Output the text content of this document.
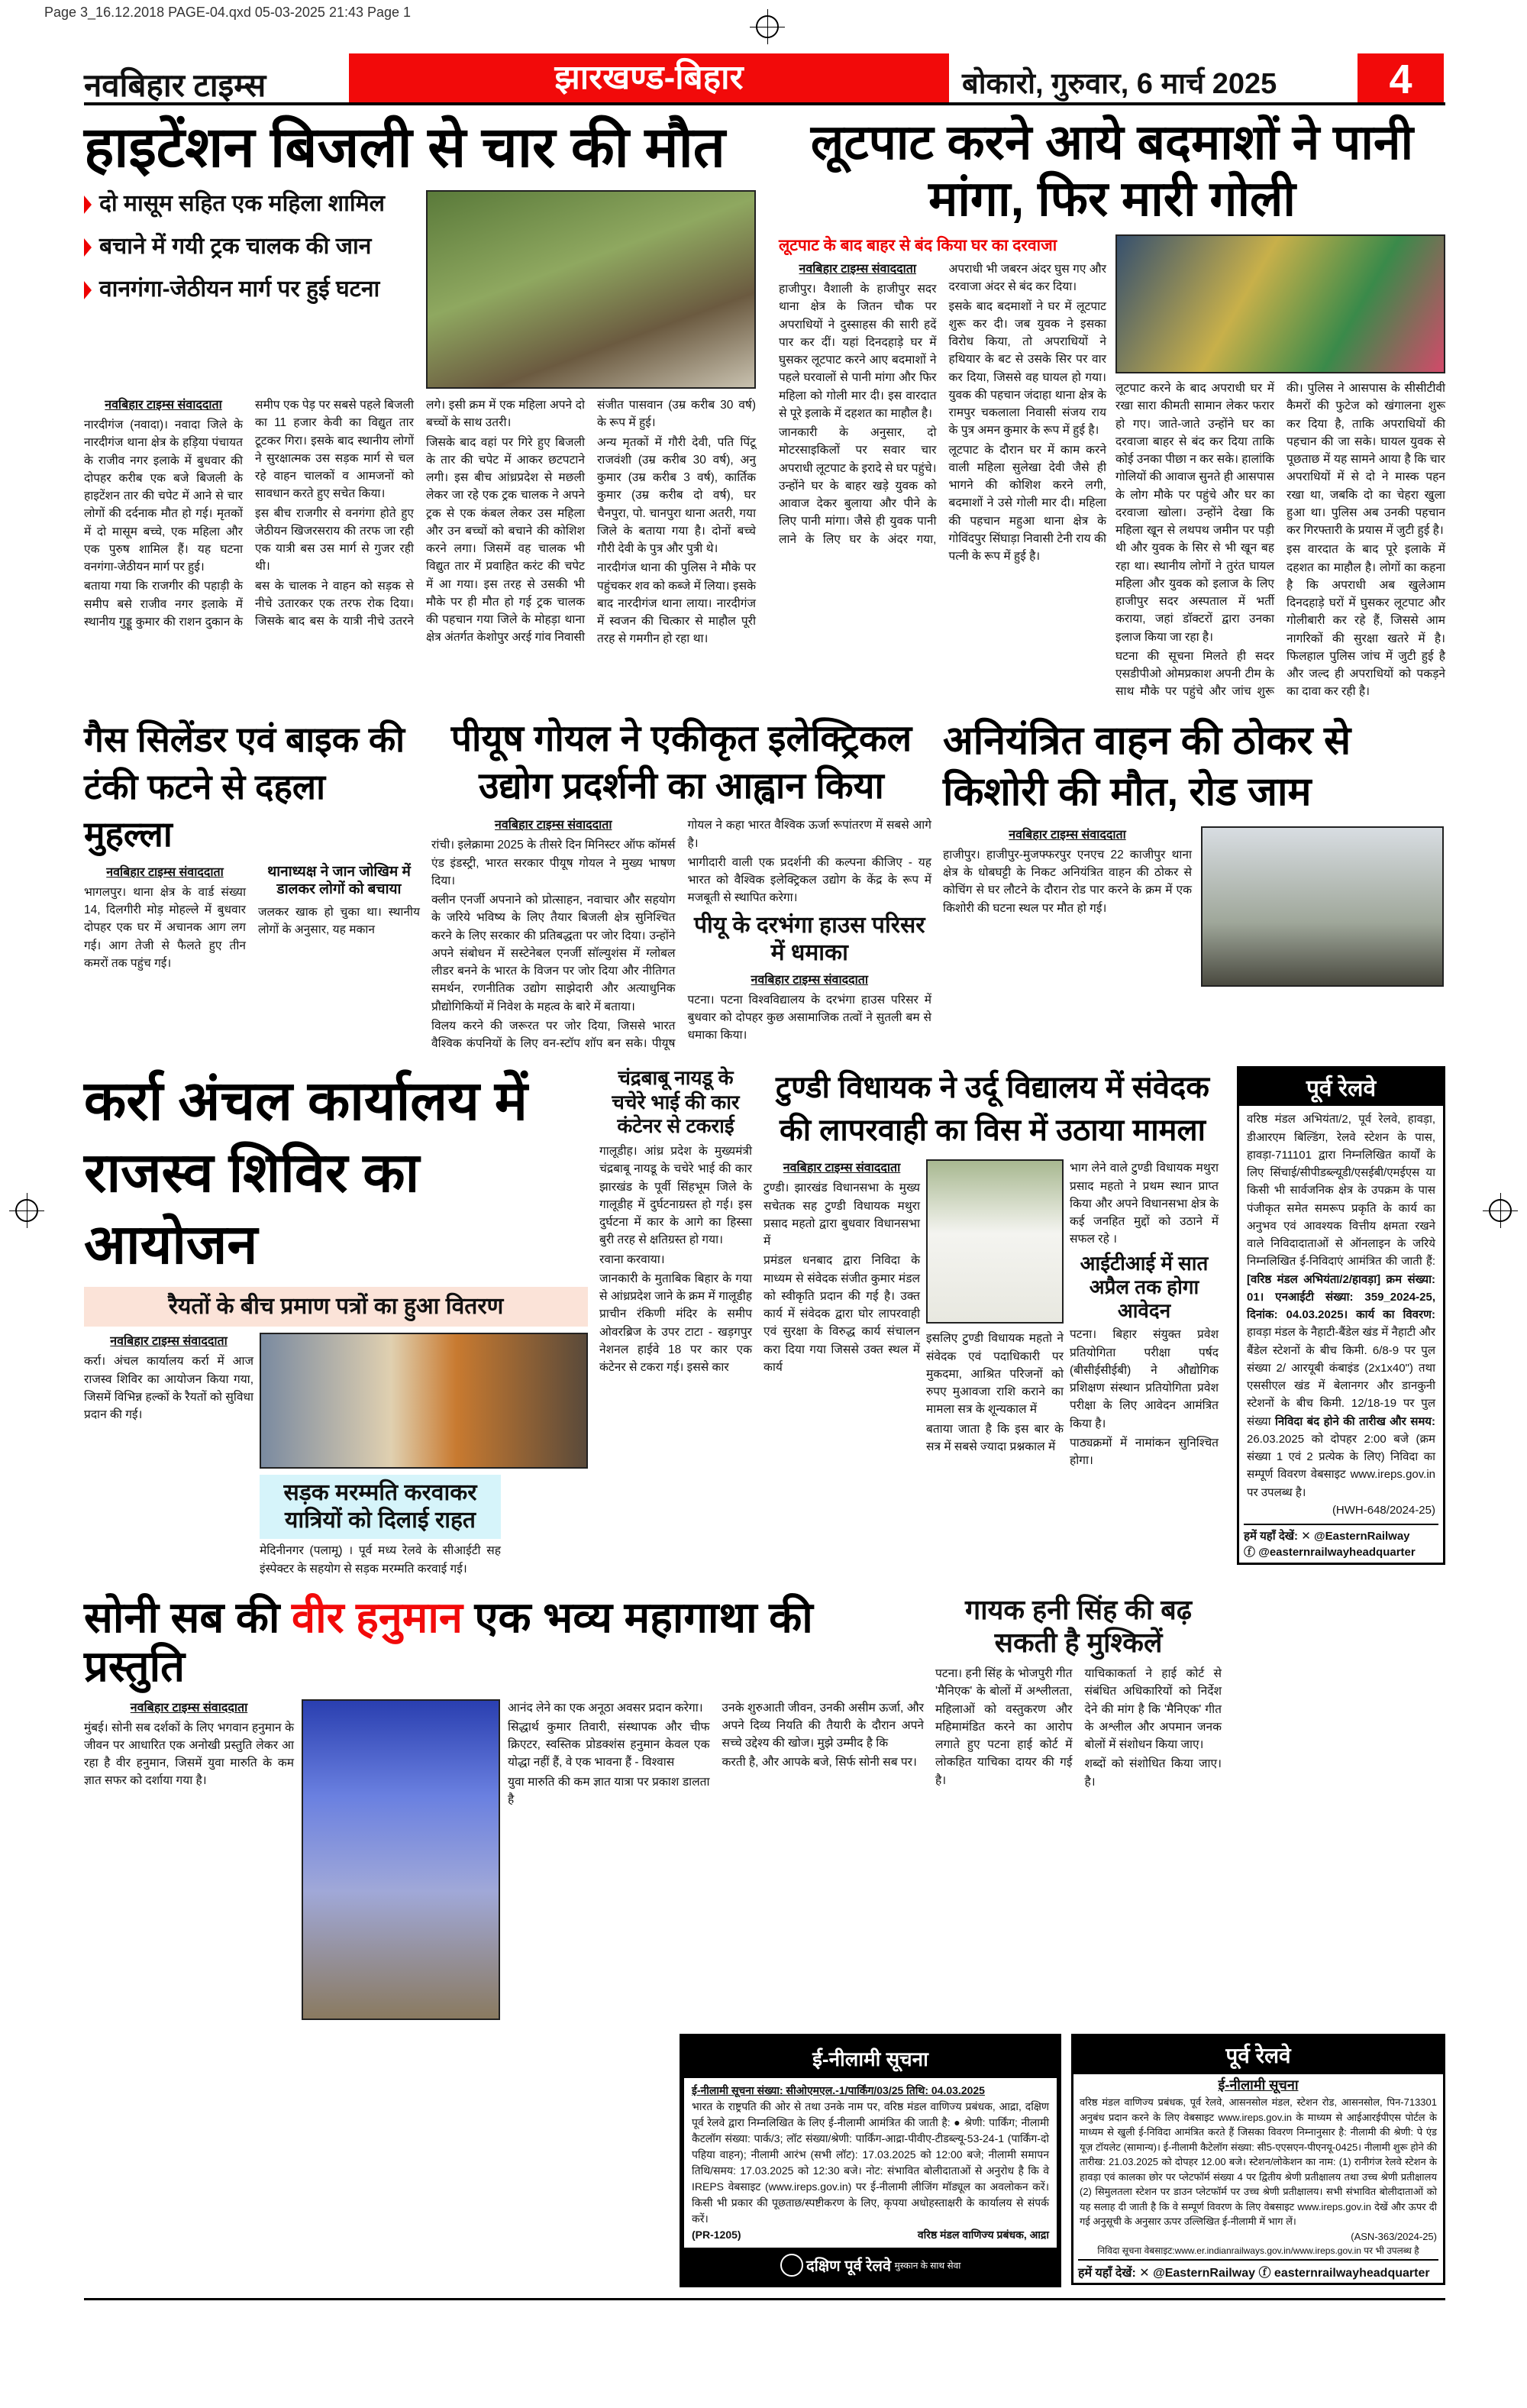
Page 3_16.12.2018 PAGE-04.qxd 05-03-2025 21:43 Page 1
नवबिहार टाइम्स	झारखण्ड-बिहार	बोकारो, गुरुवार, 6 मार्च 2025	4
हाइटेंशन बिजली से चार की मौत
दो मासूम सहित एक महिला शामिल
बचाने में गयी ट्रक चालक की जान
वानगंगा-जेठीयन मार्ग पर हुई घटना
नवबिहार टाइम्स संवाददाता

नारदीगंज (नवादा)। नवादा जिले के नारदीगंज थाना क्षेत्र के हड़िया पंचायत के राजीव नगर इलाके में बुधवार की दोपहर करीब एक बजे बिजली के हाइटेंशन तार की चपेट में आने से चार लोगों की दर्दनाक मौत हो गई। मृतकों में दो मासूम बच्चे, एक महिला और एक पुरुष शामिल हैं। यह घटना वनगंगा-जेठीयन मार्ग पर हुई।

बताया गया कि राजगीर की पहाड़ी के समीप बसे राजीव नगर इलाके में स्थानीय गुड्डू कुमार की राशन दुकान के समीप एक पेड़ पर सबसे पहले बिजली का 11 हजार केवी का विद्युत तार टूटकर गिरा। इसके बाद स्थानीय लोगों ने सुरक्षात्मक उस सड़क मार्ग से चल रहे वाहन चालकों व आमजनों को सावधान करते हुए सचेत किया।

इस बीच राजगीर से वनगंगा होते हुए जेठीयन खिजरसराय की तरफ जा रही एक यात्री बस उस मार्ग से गुजर रही थी।

बस के चालक ने वाहन को सड़क से नीचे उतारकर एक तरफ रोक दिया। जिसके बाद बस के यात्री नीचे उतरने लगे। इसी क्रम में एक महिला अपने दो बच्चों के साथ उतरी।

जिसके बाद वहां पर गिरे हुए बिजली के तार की चपेट में आकर छटपटाने लगी। इस बीच आंध्रप्रदेश से मछली लेकर जा रहे एक ट्रक चालक ने अपने ट्रक से एक कंबल लेकर उस महिला और उन बच्चों को बचाने की कोशिश करने लगा। जिसमें वह चालक भी विद्युत तार में प्रवाहित करंट की चपेट में आ गया। इस तरह से उसकी भी मौके पर ही मौत हो गई ट्रक चालक की पहचान गया जिले के मोहड़ा थाना क्षेत्र अंतर्गत केशोपुर अरई गांव निवासी संजीत पासवान (उम्र करीब 30 वर्ष) के रूप में हुई।

अन्य मृतकों में गौरी देवी, पति पिंटू राजवंशी (उम्र करीब 30 वर्ष), अनु कुमार (उम्र करीब 3 वर्ष), कार्तिक कुमार (उम्र करीब दो वर्ष), घर चैनपुरा, पो. चानपुरा थाना अतरी, गया जिले के बताया गया है। दोनों बच्चे गौरी देवी के पुत्र और पुत्री थे।

नारदीगंज थाना की पुलिस ने मौके पर पहुंचकर शव को कब्जे में लिया। इसके बाद नारदीगंज थाना लाया। नारदीगंज में स्वजन की चित्कार से माहौल पूरी तरह से गमगीन हो रहा था।

लूटपाट करने आये बदमाशों ने पानी मांगा, फिर मारी गोली
लूटपाट के बाद बाहर से बंद किया घर का दरवाजा
नवबिहार टाइम्स संवाददाता

हाजीपुर। वैशाली के हाजीपुर सदर थाना क्षेत्र के जितन चौक पर अपराधियों ने दुस्साहस की सारी हदें पार कर दीं। यहां दिनदहाड़े घर में घुसकर लूटपाट करने आए बदमाशों ने पहले घरवालों से पानी मांगा और फिर महिला को गोली मार दी। इस वारदात से पूरे इलाके में दहशत का माहौल है।

जानकारी के अनुसार, दो मोटरसाइकिलों पर सवार चार अपराधी लूटपाट के इरादे से घर पहुंचे। उन्होंने घर के बाहर खड़े युवक को आवाज देकर बुलाया और पीने के लिए पानी मांगा। जैसे ही युवक पानी लाने के लिए घर के अंदर गया, अपराधी भी जबरन अंदर घुस गए और दरवाजा अंदर से बंद कर दिया।

इसके बाद बदमाशों ने घर में लूटपाट शुरू कर दी। जब युवक ने इसका विरोध किया, तो अपराधियों ने हथियार के बट से उसके सिर पर वार कर दिया, जिससे वह घायल हो गया। युवक की पहचान जंदाहा थाना क्षेत्र के रामपुर चकलाला निवासी संजय राय के पुत्र अमन कुमार के रूप में हुई है।

लूटपाट के दौरान घर में काम करने वाली महिला सुलेखा देवी जैसे ही भागने की कोशिश करने लगी, बदमाशों ने उसे गोली मार दी। महिला की पहचान महुआ थाना क्षेत्र के गोविंदपुर सिंघाड़ा निवासी टेनी राय की पत्नी के रूप में हुई है।

लूटपाट करने के बाद अपराधी घर में रखा सारा कीमती सामान लेकर फरार हो गए। जाते-जाते उन्होंने घर का दरवाजा बाहर से बंद कर दिया ताकि कोई उनका पीछा न कर सके। हालांकि गोलियों की आवाज सुनते ही आसपास के लोग मौके पर पहुंचे और घर का दरवाजा खोला। उन्होंने देखा कि महिला खून से लथपथ जमीन पर पड़ी थी और युवक के सिर से भी खून बह रहा था। स्थानीय लोगों ने तुरंत घायल महिला और युवक को इलाज के लिए हाजीपुर सदर अस्पताल में भर्ती कराया, जहां डॉक्टरों द्वारा उनका इलाज किया जा रहा है।

घटना की सूचना मिलते ही सदर एसडीपीओ ओमप्रकाश अपनी टीम के साथ मौके पर पहुंचे और जांच शुरू की। पुलिस ने आसपास के सीसीटीवी कैमरों की फुटेज को खंगालना शुरू कर दिया है, ताकि अपराधियों की पहचान की जा सके। घायल युवक से पूछताछ में यह सामने आया है कि चार अपराधियों में से दो ने मास्क पहन रखा था, जबकि दो का चेहरा खुला हुआ था। पुलिस अब उनकी पहचान कर गिरफ्तारी के प्रयास में जुटी हुई है।

इस वारदात के बाद पूरे इलाके में दहशत का माहौल है। लोगों का कहना है कि अपराधी अब खुलेआम दिनदहाड़े घरों में घुसकर लूटपाट और गोलीबारी कर रहे हैं, जिससे आम नागरिकों की सुरक्षा खतरे में है। फिलहाल पुलिस जांच में जुटी हुई है और जल्द ही अपराधियों को पकड़ने का दावा कर रही है।

गैस सिलेंडर एवं बाइक की टंकी फटने से दहला मुहल्ला
नवबिहार टाइम्स संवाददाता

भागलपुर। थाना क्षेत्र के वार्ड संख्या 14, दिलगीरी मोड़ मोहल्ले में बुधवार दोपहर एक घर में अचानक आग लग गई। आग तेजी से फैलते हुए तीन कमरों तक पहुंच गई।

थानाध्यक्ष ने जान जोखिम में डालकर लोगों को बचाया

जलकर खाक हो चुका था। स्थानीय लोगों के अनुसार, यह मकान

पीयूष गोयल ने एकीकृत इलेक्ट्रिकल उद्योग प्रदर्शनी का आह्वान किया
नवबिहार टाइम्स संवाददाता

रांची। इलेक्रामा 2025 के तीसरे दिन मिनिस्टर ऑफ कॉमर्स एंड इंडस्ट्री, भारत सरकार पीयूष गोयल ने मुख्य भाषण दिया।

क्लीन एनर्जी अपनाने को प्रोत्साहन, नवाचार और सहयोग के जरिये भविष्य के लिए तैयार बिजली क्षेत्र सुनिश्चित करने के लिए सरकार की प्रतिबद्धता पर जोर दिया। उन्होंने अपने संबोधन में सस्टेनेबल एनर्जी सॉल्युशंस में ग्लोबल लीडर बनने के भारत के विजन पर जोर दिया और नीतिगत समर्थन, रणनीतिक उद्योग साझेदारी और अत्याधुनिक प्रौद्योगिकियों में निवेश के महत्व के बारे में बताया।

विलय करने की जरूरत पर जोर दिया, जिससे भारत वैश्विक कंपनियों के लिए वन-स्टॉप शॉप बन सके। पीयूष गोयल ने कहा भारत वैश्विक ऊर्जा रूपांतरण में सबसे आगे है।

भागीदारी वाली एक प्रदर्शनी की कल्पना कीजिए - यह भारत को वैश्विक इलेक्ट्रिकल उद्योग के केंद्र के रूप में मजबूती से स्थापित करेगा।

पीयू के दरभंगा हाउस परिसर में धमाका
नवबिहार टाइम्स संवाददाता

पटना। पटना विश्वविद्यालय के दरभंगा हाउस परिसर में बुधवार को दोपहर कुछ असामाजिक तत्वों ने सुतली बम से धमाका किया।

अनियंत्रित वाहन की ठोकर से किशोरी की मौत, रोड जाम
नवबिहार टाइम्स संवाददाता

हाजीपुर। हाजीपुर-मुजफ्फरपुर एनएच 22 काजीपुर थाना क्षेत्र के धोबघट्टी के निकट अनियंत्रित वाहन की ठोकर से कोचिंग से घर लौटने के दौरान रोड पार करने के क्रम में एक किशोरी की घटना स्थल पर मौत हो गई।

कर्रा अंचल कार्यालय में राजस्व शिविर का आयोजन
रैयतों के बीच प्रमाण पत्रों का हुआ वितरण
नवबिहार टाइम्स संवाददाता

कर्रा। अंचल कार्यालय कर्रा में आज राजस्व शिविर का आयोजन किया गया, जिसमें विभिन्न हल्कों के रैयतों को सुविधा प्रदान की गई।

सड़क मरम्मति करवाकर यात्रियों को दिलाई राहत

मेदिनीनगर (पलामू) । पूर्व मध्य रेलवे के सीआईटी सह इंस्पेक्टर के सहयोग से सड़क मरम्मति करवाई गई।

चंद्रबाबू नायडू के चचेरे भाई की कार कंटेनर से टकराई

गालूडीह। आंध्र प्रदेश के मुख्यमंत्री चंद्रबाबू नायडू के चचेरे भाई की कार झारखंड के पूर्वी सिंहभूम जिले के गालूडीह में दुर्घटनाग्रस्त हो गई। इस दुर्घटना में कार के आगे का हिस्सा बुरी तरह से क्षतिग्रस्त हो गया।

रवाना करवाया।

जानकारी के मुताबिक बिहार के गया से आंध्रप्रदेश जाने के क्रम में गालूडीह प्राचीन रंकिणी मंदिर के समीप ओवरब्रिज के उपर टाटा - खड़गपुर नेशनल हाईवे 18 पर कार एक कंटेनर से टकरा गई। इससे कार

टुण्डी विधायक ने उर्दू विद्यालय में संवेदक की लापरवाही का विस में उठाया मामला
नवबिहार टाइम्स संवाददाता

टुण्डी। झारखंड विधानसभा के मुख्य सचेतक सह टुण्डी विधायक मथुरा प्रसाद महतो द्वारा बुधवार विधानसभा में

प्रमंडल धनबाद द्वारा निविदा के माध्यम से संवेदक संजीत कुमार मंडल को स्वीकृति प्रदान की गई है। उक्त कार्य में संवेदक द्वारा घोर लापरवाही एवं सुरक्षा के विरुद्ध कार्य संचालन करा दिया गया जिससे उक्त स्थल में कार्य

इसलिए टुण्डी विधायक महतो ने संवेदक एवं पदाधिकारी पर मुकदमा, आश्रित परिजनों को रुपए मुआवजा राशि कराने का मामला सत्र के शून्यकाल में

बताया जाता है कि इस बार के सत्र में सबसे ज्यादा प्रश्नकाल में

भाग लेने वाले टुण्डी विधायक मथुरा प्रसाद महतो ने प्रथम स्थान प्राप्त किया और अपने विधानसभा क्षेत्र के कई जनहित मुद्दों को उठाने में सफल रहे ।

आईटीआई में सात अप्रैल तक होगा आवेदन

पटना। बिहार संयुक्त प्रवेश प्रतियोगिता परीक्षा पर्षद (बीसीईसीईबी) ने औद्योगिक प्रशिक्षण संस्थान प्रतियोगिता प्रवेश परीक्षा के लिए आवेदन आमंत्रित किया है।

पाठ्यक्रमों में नामांकन सुनिश्चित होगा।

सोनी सब की वीर हनुमान एक भव्य महागाथा की प्रस्तुति
नवबिहार टाइम्स संवाददाता

मुंबई। सोनी सब दर्शकों के लिए भगवान हनुमान के जीवन पर आधारित एक अनोखी प्रस्तुति लेकर आ रहा है वीर हनुमान, जिसमें युवा मारुति के कम ज्ञात सफर को दर्शाया गया है।

आनंद लेने का एक अनूठा अवसर प्रदान करेगा।

सिद्धार्थ कुमार तिवारी, संस्थापक और चीफ क्रिएटर, स्वस्तिक प्रोडक्शंस हनुमान केवल एक योद्धा नहीं हैं, वे एक भावना हैं - विश्वास

युवा मारुति की कम ज्ञात यात्रा पर प्रकाश डालता है

उनके शुरुआती जीवन, उनकी असीम ऊर्जा, और अपने दिव्य नियति की तैयारी के दौरान अपने सच्चे उद्देश्य की खोज। मुझे उम्मीद है कि

करती है, और आपके बजे, सिर्फ सोनी सब पर।

गायक हनी सिंह की बढ़ सकती है मुश्किलें

पटना। हनी सिंह के भोजपुरी गीत 'मैनिएक' के बोलों में अश्लीलता, महिलाओं को वस्तुकरण और महिमामंडित करने का आरोप लगाते हुए पटना हाई कोर्ट में लोकहित याचिका दायर की गई है।

याचिकाकर्ता ने हाई कोर्ट से संबंधित अधिकारियों को निर्देश देने की मांग है कि 'मैनिएक' गीत के अश्लील और अपमान जनक बोलों में संशोधन किया जाए।

शब्दों को संशोधित किया जाए। है।

पूर्व रेलवे
वरिष्ठ मंडल अभियंता/2, पूर्व रेलवे, हावड़ा, डीआरएम बिल्डिंग, रेलवे स्टेशन के पास, हावड़ा-711101 द्वारा निम्नलिखित कार्यों के लिए सिंचाई/सीपीडब्ल्यूडी/एसईबी/एमईएस या किसी भी सार्वजनिक क्षेत्र के उपक्रम के पास पंजीकृत समेत समरूप प्रकृति के कार्य का अनुभव एवं आवश्यक वित्तीय क्षमता रखने वाले निविदादाताओं से ऑनलाइन के जरिये निम्नलिखित ई-निविदाएं आमंत्रित की जाती हैं: [वरिष्ठ मंडल अभियंता/2/हावड़ा] क्रम संख्या: 01। एनआईटी संख्या: 359_2024-25, दिनांक: 04.03.2025। कार्य का विवरण: हावड़ा मंडल के नैहाटी-बैंडेल खंड में नैहाटी और बैंडेल स्टेशनों के बीच किमी. 6/8-9 पर पुल संख्या 2/ आरयूबी कंबाइंड (2x1x40") तथा एससीएल खंड में बेलानगर और डानकुनी स्टेशनों के बीच किमी. 12/18-19 पर पुल संख्या निविदा बंद होने की तारीख और समय: 26.03.2025 को दोपहर 2:00 बजे (क्रम संख्या 1 एवं 2 प्रत्येक के लिए) निविदा का सम्पूर्ण विवरण वेबसाइट www.ireps.gov.in पर उपलब्ध है।
(HWH-648/2024-25)
हमें यहाँ देखें: ✕ @EasternRailway
ⓕ @easternrailwayheadquarter
ई-नीलामी सूचना
ई-नीलामी सूचना संख्या: सीओएमएल.-1/पार्किंग/03/25 तिथि: 04.03.2025
भारत के राष्ट्रपति की ओर से तथा उनके नाम पर, वरिष्ठ मंडल वाणिज्य प्रबंधक, आद्रा, दक्षिण पूर्व रेलवे द्वारा निम्नलिखित के लिए ई-नीलामी आमंत्रित की जाती है: ● श्रेणी: पार्किंग; नीलामी कैटलॉग संख्या: पार्क/3; लॉट संख्या/श्रेणी: पार्किंग-आद्रा-पीवीए-टीडब्ल्यू-53-24-1 (पार्किंग-दो पहिया वाहन); नीलामी आरंभ (सभी लॉट): 17.03.2025 को 12:00 बजे; नीलामी समापन तिथि/समय: 17.03.2025 को 12:30 बजे। नोट: संभावित बोलीदाताओं से अनुरोध है कि वे IREPS वेबसाइट (www.ireps.gov.in) पर ई-नीलामी लीजिंग मॉड्यूल का अवलोकन करें। किसी भी प्रकार की पूछताछ/स्पष्टीकरण के लिए, कृपया अधोहस्ताक्षरी के कार्यालय से संपर्क करें।
(PR-1205)	वरिष्ठ मंडल वाणिज्य प्रबंधक, आद्रा
दक्षिण पूर्व रेलवे मुस्कान के साथ सेवा
पूर्व रेलवे
ई-नीलामी सूचना
वरिष्ठ मंडल वाणिज्य प्रबंधक, पूर्व रेलवे, आसनसोल मंडल, स्टेशन रोड, आसनसोल, पिन-713301 अनुबंध प्रदान करने के लिए वेबसाइट www.ireps.gov.in के माध्यम से आईआरईपीएस पोर्टल के माध्यम से खुली ई-निविदा आमंत्रित करते हैं जिसका विवरण निम्नानुसार है: नीलामी की श्रेणी: पे एंड यूज़ टॉयलेट (सामान्य)। ई-नीलामी कैटेलॉग संख्या: सी5-एएसएन-पीएनयू-0425। नीलामी शुरू होने की तारीख: 21.03.2025 को दोपहर 12.00 बजे। स्टेशन/लोकेशन का नाम: (1) रानीगंज रेलवे स्टेशन के हावड़ा एवं कालका छोर पर प्लेटफॉर्म संख्या 4 पर द्वितीय श्रेणी प्रतीक्षालय तथा उच्च श्रेणी प्रतीक्षालय (2) सिमुलतला स्टेशन पर डाउन प्लेटफॉर्म पर उच्च श्रेणी प्रतीक्षालय। सभी संभावित बोलीदाताओं को यह सलाह दी जाती है कि वे सम्पूर्ण विवरण के लिए वेबसाइट www.ireps.gov.in देखें और ऊपर दी गई अनुसूची के अनुसार ऊपर उल्लिखित ई-नीलामी में भाग लें।
(ASN-363/2024-25)
निविदा सूचना वेबसाइट:www.er.indianrailways.gov.in/www.ireps.gov.in पर भी उपलब्ध है
हमें यहाँ देखें: ✕ @EasternRailway ⓕ easternrailwayheadquarter
